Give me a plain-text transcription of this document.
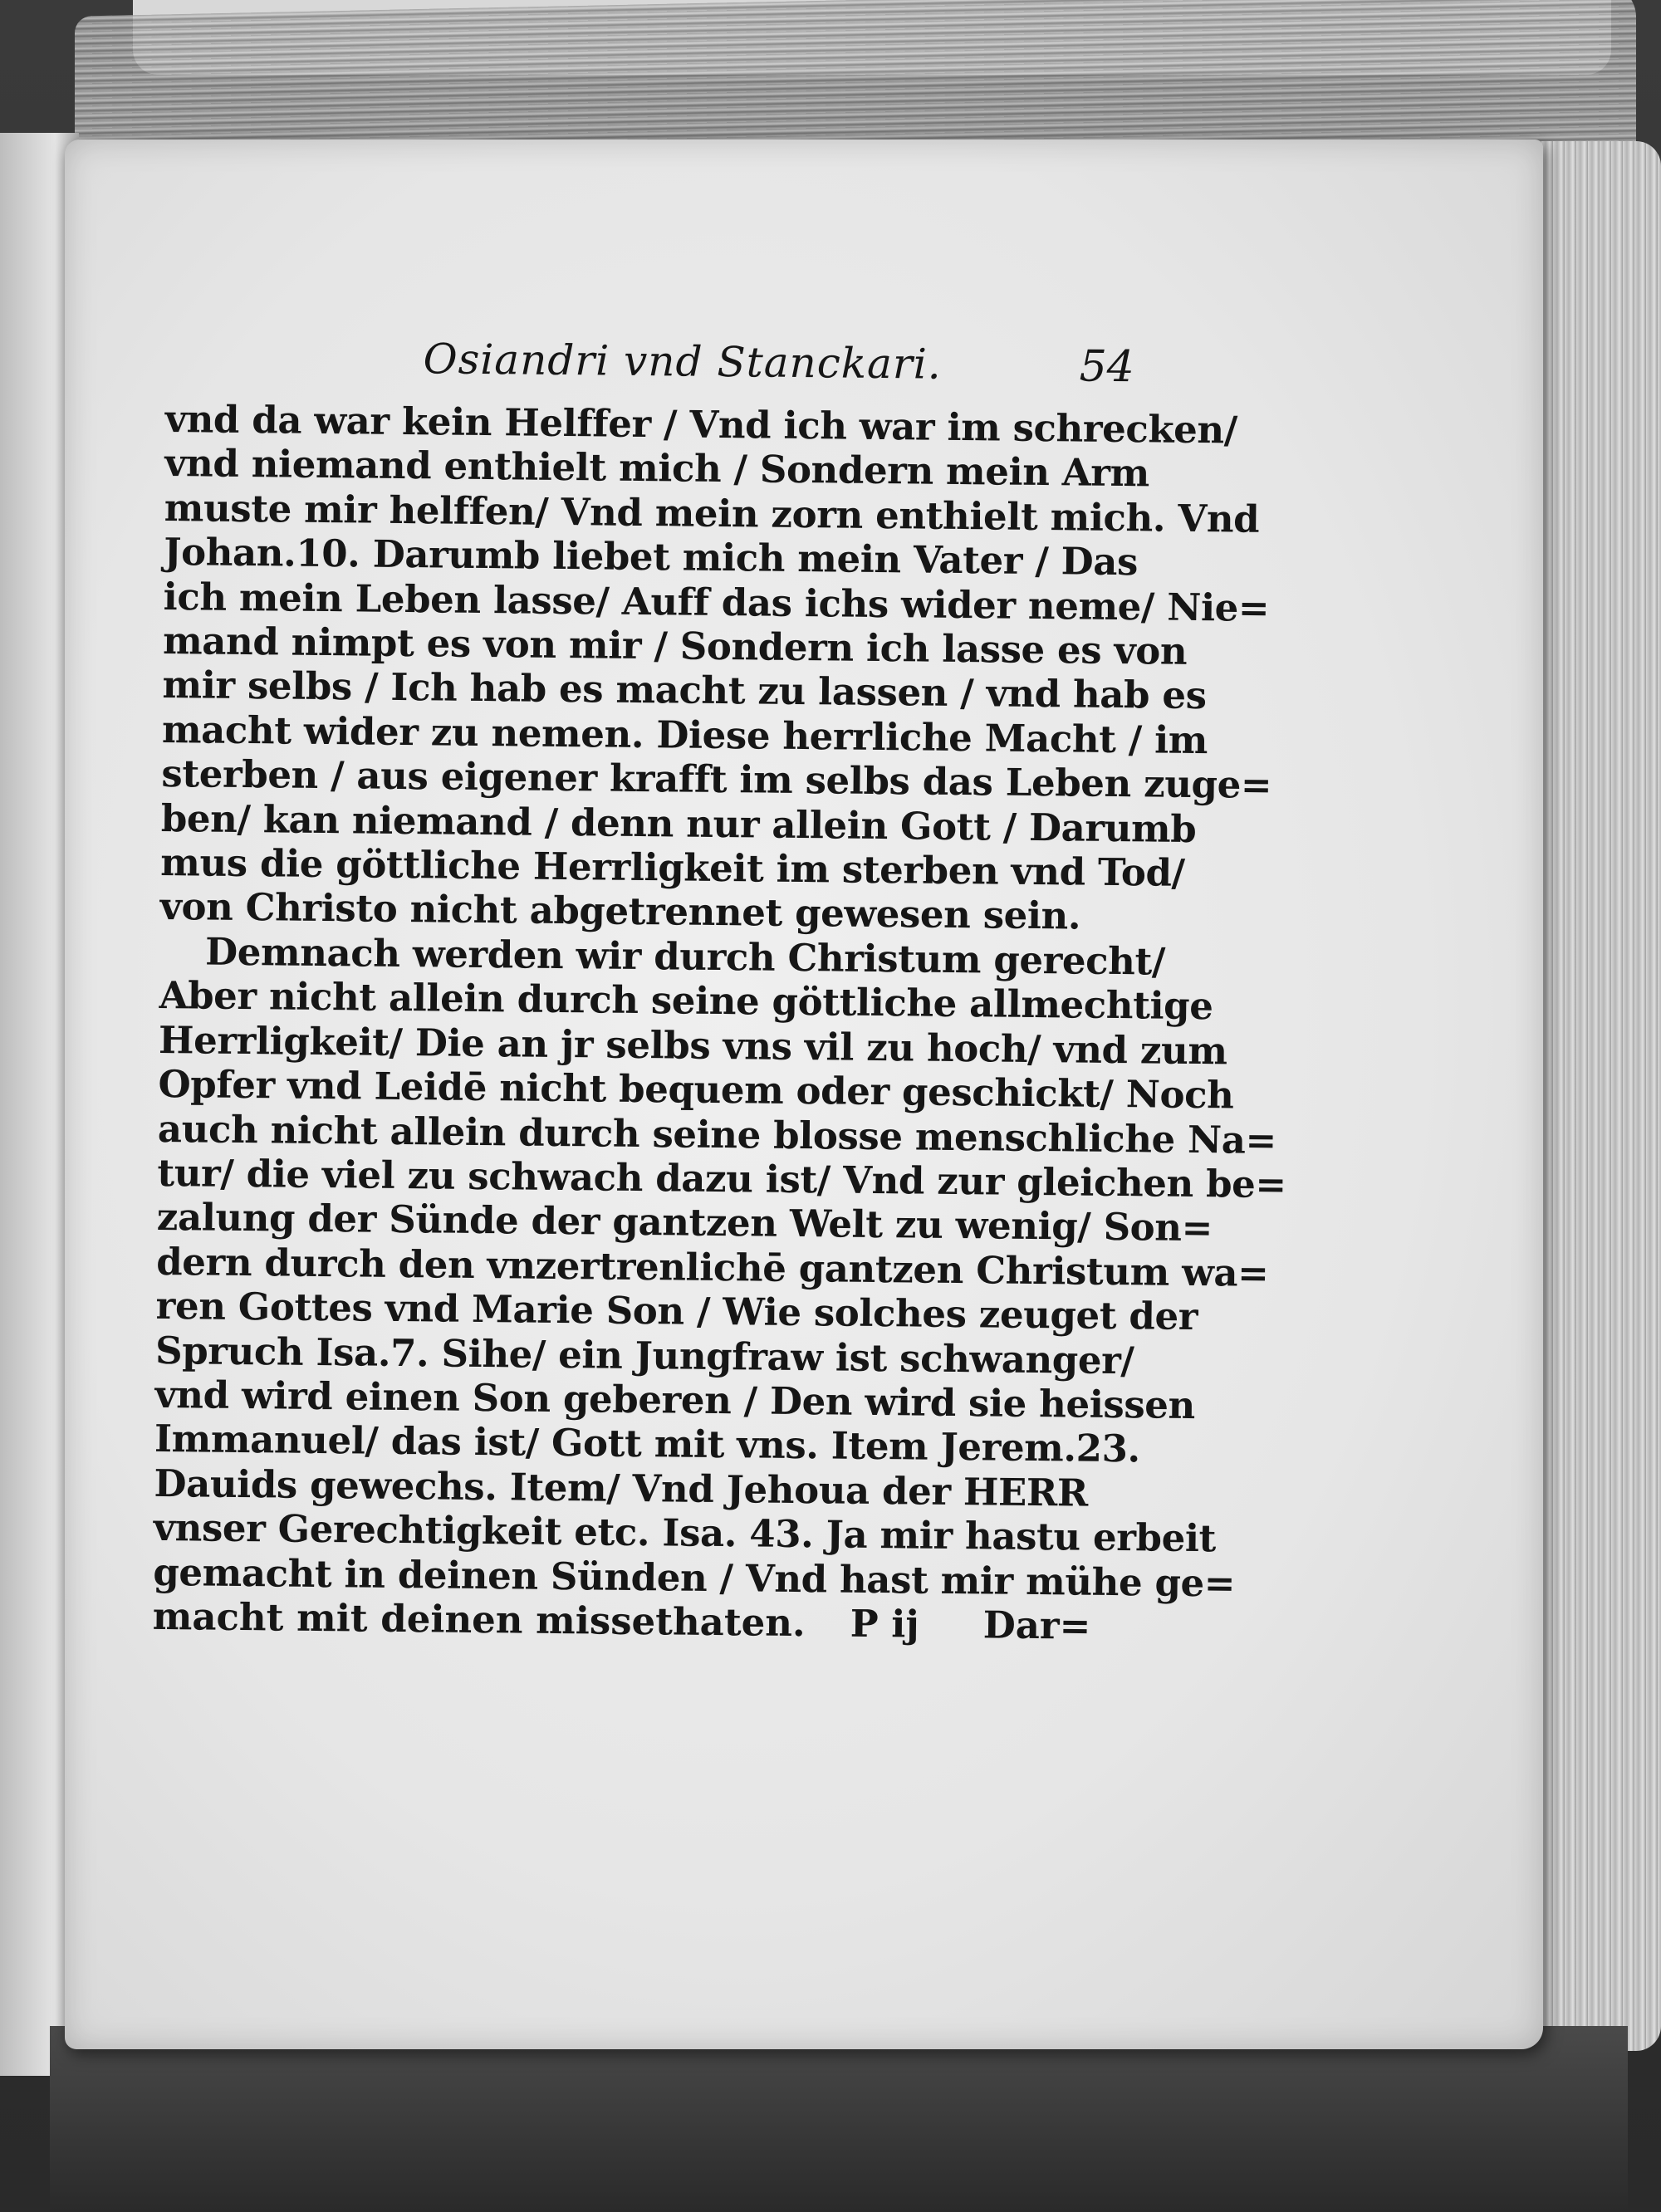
Osiandri vnd Stanckari.	54
vnd da war kein Helffer / Vnd ich war im schrecken/
vnd niemand enthielt mich / Sondern mein Arm
muste mir helffen/ Vnd mein zorn enthielt mich. Vnd
Johan.10. Darumb liebet mich mein Vater / Das
ich mein Leben lasse/ Auff das ichs wider neme/ Nie=
mand nimpt es von mir / Sondern ich lasse es von
mir selbs / Ich hab es macht zu lassen / vnd hab es
macht wider zu nemen. Diese herrliche Macht / im
sterben / aus eigener krafft im selbs das Leben zuge=
ben/ kan niemand / denn nur allein Gott / Darumb
mus die göttliche Herrligkeit im sterben vnd Tod/
von Christo nicht abgetrennet gewesen sein.
Demnach werden wir durch Christum gerecht/
Aber nicht allein durch seine göttliche allmechtige
Herrligkeit/ Die an jr selbs vns vil zu hoch/ vnd zum
Opfer vnd Leidē nicht bequem oder geschickt/ Noch
auch nicht allein durch seine blosse menschliche Na=
tur/ die viel zu schwach dazu ist/ Vnd zur gleichen be=
zalung der Sünde der gantzen Welt zu wenig/ Son=
dern durch den vnzertrenlichē gantzen Christum wa=
ren Gottes vnd Marie Son / Wie solches zeuget der
Spruch Isa.7. Sihe/ ein Jungfraw ist schwanger/
vnd wird einen Son geberen / Den wird sie heissen
Immanuel/ das ist/ Gott mit vns. Item Jerem.23.
Dauids gewechs. Item/ Vnd Jehoua der HERR
vnser Gerechtigkeit etc. Isa. 43. Ja mir hastu erbeit
gemacht in deinen Sünden / Vnd hast mir mühe ge=
macht mit deinen missethaten. P ij Dar=
